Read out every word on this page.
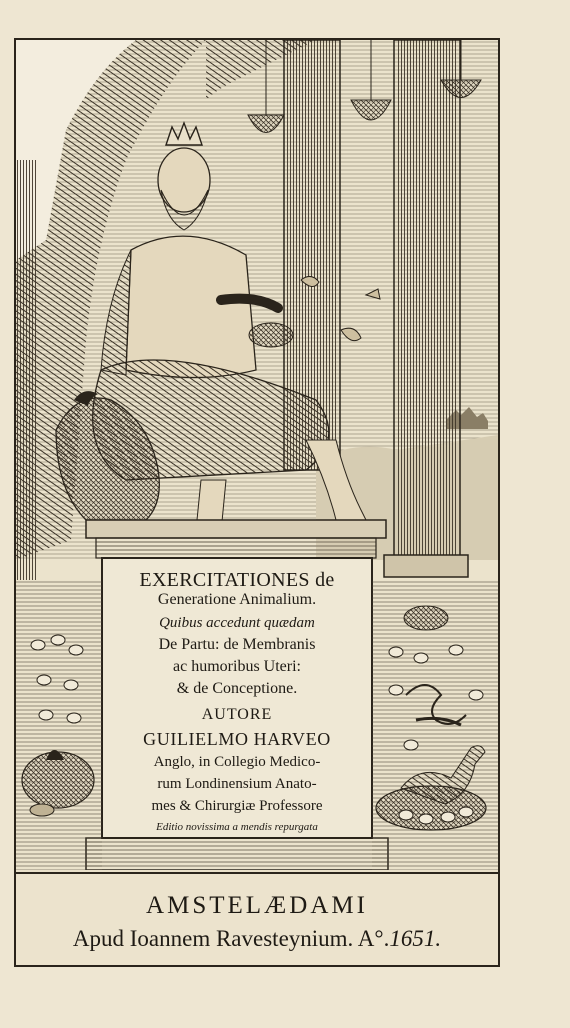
EXERCITATIONES de
Generatione Animalium.
Quibus accedunt quædam
De Partu: de Membranis
ac humoribus Uteri:
& de Conceptione.
AUTORE
GUILIELMO HARVEO
Anglo, in Collegio Medico-
rum Londinensium Anato-
mes & Chirurgiæ Professore
Editio novissima a mendis repurgata
AMSTELÆDAMI
Apud Ioannem Ravesteynium. A°.1651.
